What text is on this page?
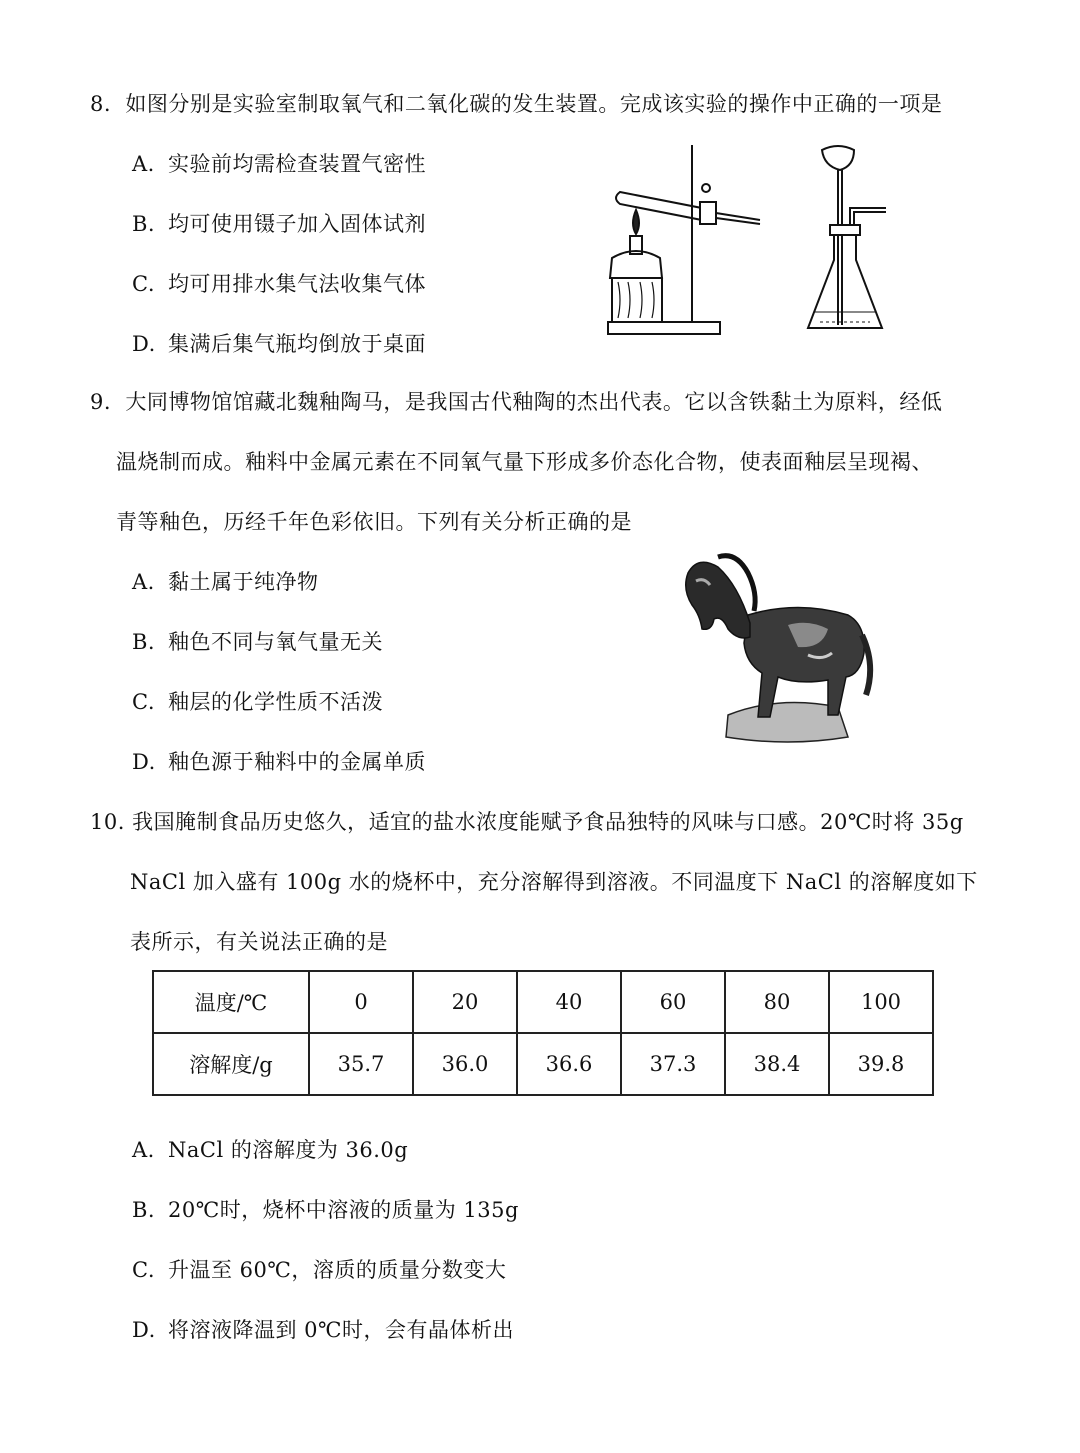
8. 如图分别是实验室制取氧气和二氧化碳的发生装置。完成该实验的操作中正确的一项是
A. 实验前均需检查装置气密性
B. 均可使用镊子加入固体试剂
C. 均可用排水集气法收集气体
D. 集满后集气瓶均倒放于桌面
9. 大同博物馆馆藏北魏釉陶马，是我国古代釉陶的杰出代表。它以含铁黏土为原料，经低
温烧制而成。釉料中金属元素在不同氧气量下形成多价态化合物，使表面釉层呈现褐、
青等釉色，历经千年色彩依旧。下列有关分析正确的是
A. 黏土属于纯净物
B. 釉色不同与氧气量无关
C. 釉层的化学性质不活泼
D. 釉色源于釉料中的金属单质
10. 我国腌制食品历史悠久，适宜的盐水浓度能赋予食品独特的风味与口感。20℃时将 35g
NaCl 加入盛有 100g 水的烧杯中，充分溶解得到溶液。不同温度下 NaCl 的溶解度如下
表所示，有关说法正确的是
温度/℃	0	20	40	60	80	100
溶解度/g	35.7	36.0	36.6	37.3	38.4	39.8
A. NaCl 的溶解度为 36.0g
B. 20℃时，烧杯中溶液的质量为 135g
C. 升温至 60℃，溶质的质量分数变大
D. 将溶液降温到 0℃时，会有晶体析出
